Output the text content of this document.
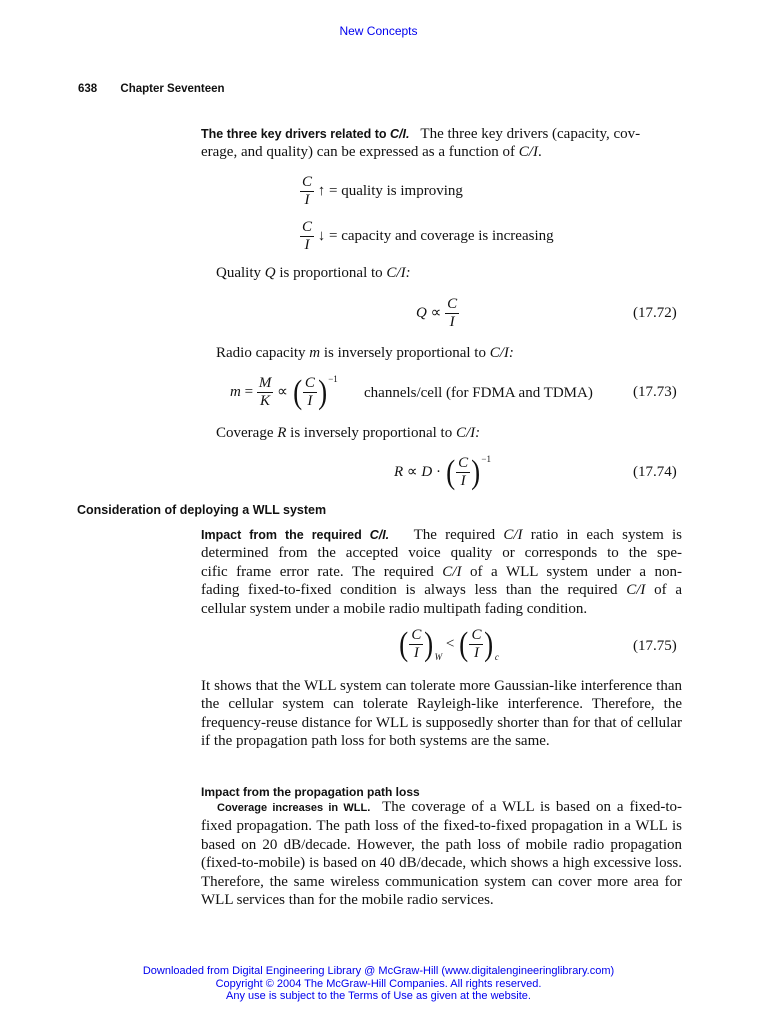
New Concepts
638 Chapter Seventeen
The three key drivers related to C/I. The three key drivers (capacity, cov-
erage, and quality) can be expressed as a function of C/I.
$\frac{C}{I}$ ↑ = quality is improving
$\frac{C}{I}$ ↓ = capacity and coverage is increasing
Quality Q is proportional to C/I:
$Q \propto \frac{C}{I}$	(17.72)
Radio capacity m is inversely proportional to C/I:
$m = \frac{M}{K}$ ∝ ( $\frac{C}{I} )^{-1}$
channels/cell (for FDMA and TDMA)	(17.73)
Coverage R is inversely proportional to C/I:
R ∝ D · ( $\frac{C}{I} )^{-1}$
(17.74)
Consideration of deploying a WLL system
Impact from the required C/I. The required C/I ratio in each system is
determined from the accepted voice quality or corresponds to the spe-
cific frame error rate. The required C/I of a WLL system under a non-
fading fixed-to-fixed condition is always less than the required C/I of a
cellular system under a mobile radio multipath fading condition.
( $\frac{C}{I} )_W$ < ( $\frac{C}{I} )_c$
(17.75)
It shows that the WLL system can tolerate more Gaussian-like interference than the cellular system can tolerate Rayleigh-like interference. Therefore, the frequency-reuse distance for WLL is supposedly shorter than for that of cellular if the propagation path loss for both systems are the same.
Impact from the propagation path loss
Coverage increases in WLL. The coverage of a WLL is based on a fixed-to-fixed propagation. The path loss of the fixed-to-fixed propagation in a WLL is based on 20 dB/decade. However, the path loss of mobile radio propagation (fixed-to-mobile) is based on 40 dB/decade, which shows a high excessive loss. Therefore, the same wireless communication system can cover more area for WLL services than for the mobile radio services.
Downloaded from Digital Engineering Library @ McGraw-Hill (www.digitalengineeringlibrary.com)
Copyright © 2004 The McGraw-Hill Companies. All rights reserved.
Any use is subject to the Terms of Use as given at the website.
